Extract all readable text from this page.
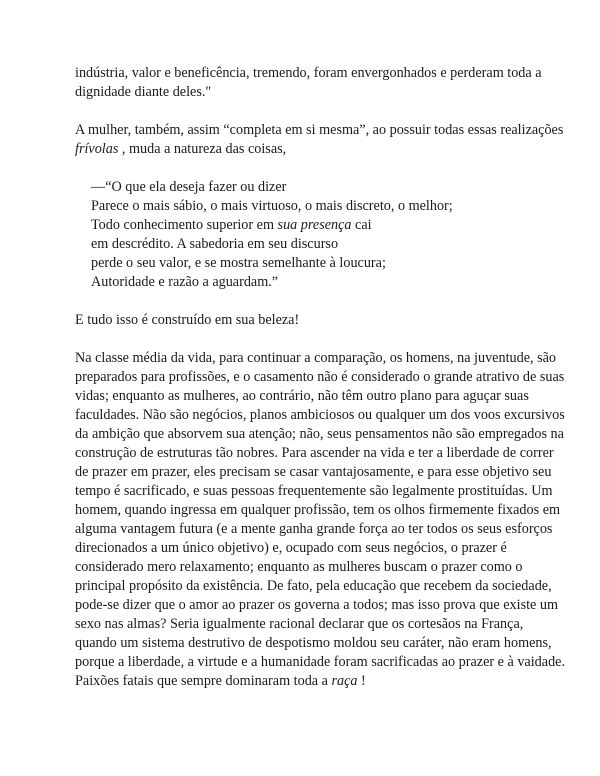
indústria, valor e beneficência, tremendo, foram envergonhados e perderam toda a dignidade diante deles."

A mulher, também, assim “completa em si mesma”, ao possuir todas essas realizações frívolas , muda a natureza das coisas,

—“O que ela deseja fazer ou dizer
Parece o mais sábio, o mais virtuoso, o mais discreto, o melhor;
Todo conhecimento superior em sua presença cai
em descrédito. A sabedoria em seu discurso
perde o seu valor, e se mostra semelhante à loucura;
Autoridade e razão a aguardam.”

E tudo isso é construído em sua beleza!

Na classe média da vida, para continuar a comparação, os homens, na juventude, são preparados para profissões, e o casamento não é considerado o grande atrativo de suas vidas; enquanto as mulheres, ao contrário, não têm outro plano para aguçar suas faculdades. Não são negócios, planos ambiciosos ou qualquer um dos voos excursivos da ambição que absorvem sua atenção; não, seus pensamentos não são empregados na construção de estruturas tão nobres. Para ascender na vida e ter a liberdade de correr de prazer em prazer, eles precisam se casar vantajosamente, e para esse objetivo seu tempo é sacrificado, e suas pessoas frequentemente são legalmente prostituídas. Um homem, quando ingressa em qualquer profissão, tem os olhos firmemente fixados em alguma vantagem futura (e a mente ganha grande força ao ter todos os seus esforços direcionados a um único objetivo) e, ocupado com seus negócios, o prazer é considerado mero relaxamento; enquanto as mulheres buscam o prazer como o principal propósito da existência. De fato, pela educação que recebem da sociedade, pode-se dizer que o amor ao prazer os governa a todos; mas isso prova que existe um sexo nas almas? Seria igualmente racional declarar que os cortesãos na França, quando um sistema destrutivo de despotismo moldou seu caráter, não eram homens, porque a liberdade, a virtude e a humanidade foram sacrificadas ao prazer e à vaidade. Paixões fatais que sempre dominaram toda a raça !
